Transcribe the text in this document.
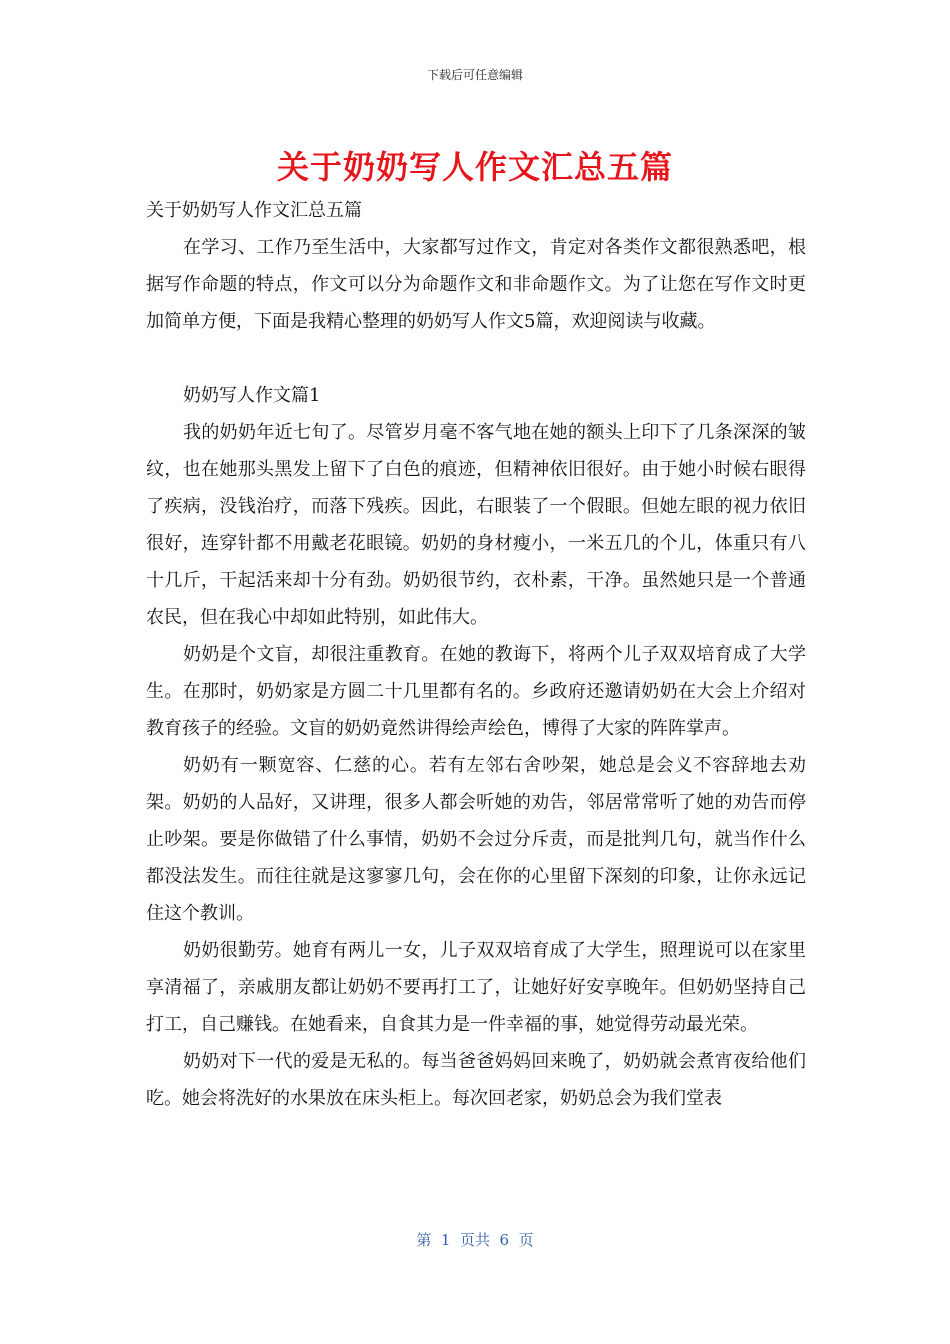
下载后可任意编辑
关于奶奶写人作文汇总五篇

关于奶奶写人作文汇总五篇

在学习、工作乃至生活中，大家都写过作文，肯定对各类作文都很熟悉吧，根据写作命题的特点，作文可以分为命题作文和非命题作文。为了让您在写作文时更加简单方便，下面是我精心整理的奶奶写人作文5篇，欢迎阅读与收藏。

奶奶写人作文篇1

我的奶奶年近七旬了。尽管岁月毫不客气地在她的额头上印下了几条深深的皱纹，也在她那头黑发上留下了白色的痕迹，但精神依旧很好。由于她小时候右眼得了疾病，没钱治疗，而落下残疾。因此，右眼装了一个假眼。但她左眼的视力依旧很好，连穿针都不用戴老花眼镜。奶奶的身材瘦小，一米五几的个儿，体重只有八十几斤，干起活来却十分有劲。奶奶很节约，衣朴素，干净。虽然她只是一个普通农民，但在我心中却如此特别，如此伟大。

奶奶是个文盲，却很注重教育。在她的教诲下，将两个儿子双双培育成了大学生。在那时，奶奶家是方圆二十几里都有名的。乡政府还邀请奶奶在大会上介绍对教育孩子的经验。文盲的奶奶竟然讲得绘声绘色，博得了大家的阵阵掌声。

奶奶有一颗宽容、仁慈的心。若有左邻右舍吵架，她总是会义不容辞地去劝架。奶奶的人品好，又讲理，很多人都会听她的劝告，邻居常常听了她的劝告而停止吵架。要是你做错了什么事情，奶奶不会过分斥责，而是批判几句，就当作什么都没法发生。而往往就是这寥寥几句，会在你的心里留下深刻的印象，让你永远记住这个教训。

奶奶很勤劳。她育有两儿一女，儿子双双培育成了大学生，照理说可以在家里享清福了，亲戚朋友都让奶奶不要再打工了，让她好好安享晚年。但奶奶坚持自己打工，自己赚钱。在她看来，自食其力是一件幸福的事，她觉得劳动最光荣。

奶奶对下一代的爱是无私的。每当爸爸妈妈回来晚了，奶奶就会煮宵夜给他们吃。她会将洗好的水果放在床头柜上。每次回老家，奶奶总会为我们堂表

第  1  页共  6  页
